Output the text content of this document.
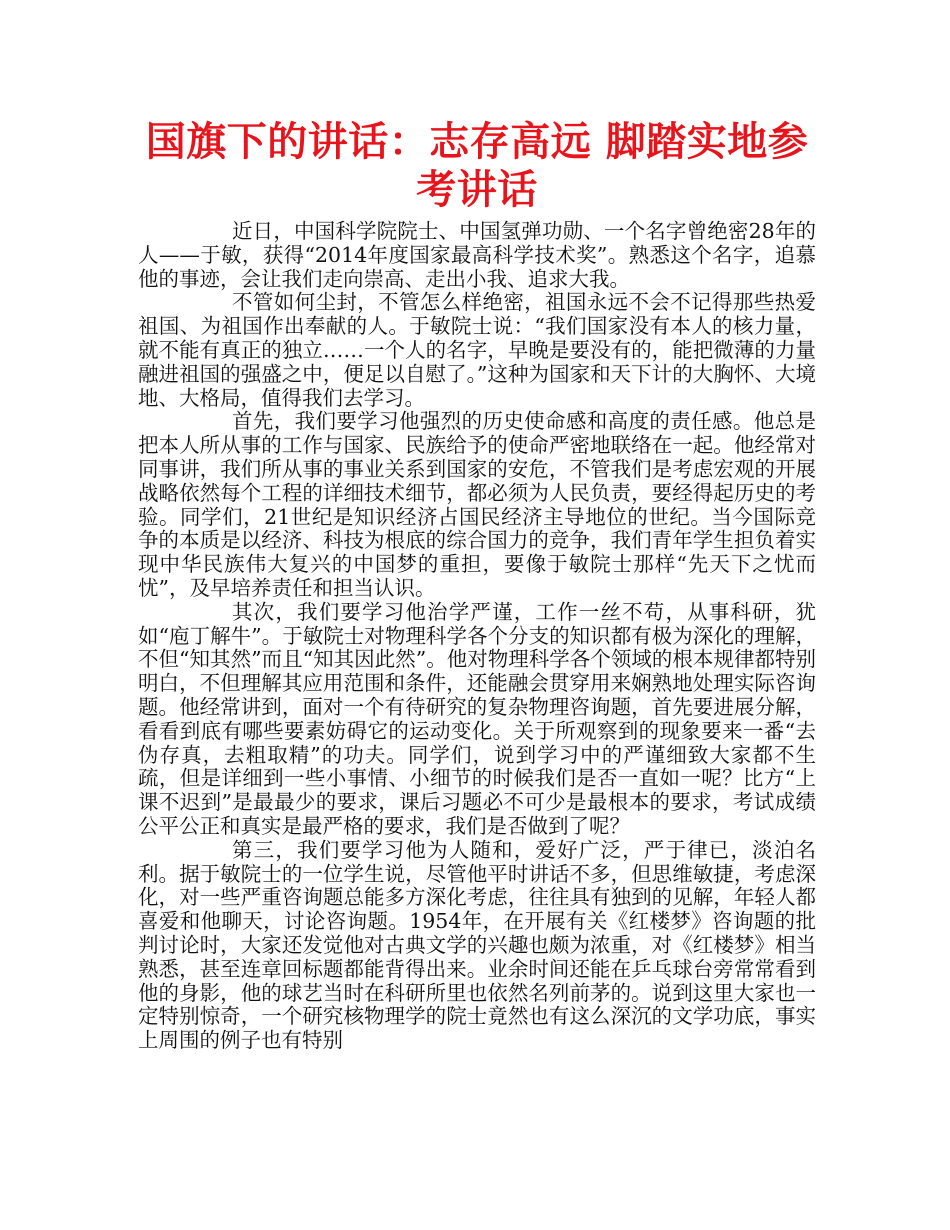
国旗下的讲话：志存高远 脚踏实地参考讲话

近日，中国科学院院士、中国氢弹功勋、一个名字曾绝密28年的人——于敏，获得“2014年度国家最高科学技术奖”。熟悉这个名字，追慕他的事迹，会让我们走向崇高、走出小我、追求大我。

不管如何尘封，不管怎么样绝密，祖国永远不会不记得那些热爱祖国、为祖国作出奉献的人。于敏院士说：“我们国家没有本人的核力量，就不能有真正的独立……一个人的名字，早晚是要没有的，能把微薄的力量融进祖国的强盛之中，便足以自慰了。”这种为国家和天下计的大胸怀、大境地、大格局，值得我们去学习。

首先，我们要学习他强烈的历史使命感和高度的责任感。他总是把本人所从事的工作与国家、民族给予的使命严密地联络在一起。他经常对同事讲，我们所从事的事业关系到国家的安危，不管我们是考虑宏观的开展战略依然每个工程的详细技术细节，都必须为人民负责，要经得起历史的考验。同学们，21世纪是知识经济占国民经济主导地位的世纪。当今国际竞争的本质是以经济、科技为根底的综合国力的竞争，我们青年学生担负着实现中华民族伟大复兴的中国梦的重担，要像于敏院士那样“先天下之忧而忧”，及早培养责任和担当认识。

其次，我们要学习他治学严谨，工作一丝不苟，从事科研，犹如“庖丁解牛”。于敏院士对物理科学各个分支的知识都有极为深化的理解，不但“知其然”而且“知其因此然”。他对物理科学各个领域的根本规律都特别明白，不但理解其应用范围和条件，还能融会贯穿用来娴熟地处理实际咨询题。他经常讲到，面对一个有待研究的复杂物理咨询题，首先要进展分解，看看到底有哪些要素妨碍它的运动变化。关于所观察到的现象要来一番“去伪存真，去粗取精”的功夫。同学们，说到学习中的严谨细致大家都不生疏，但是详细到一些小事情、小细节的时候我们是否一直如一呢？比方“上课不迟到”是最最少的要求，课后习题必不可少是最根本的要求，考试成绩公平公正和真实是最严格的要求，我们是否做到了呢？

第三，我们要学习他为人随和，爱好广泛，严于律已，淡泊名利。据于敏院士的一位学生说，尽管他平时讲话不多，但思维敏捷，考虑深化，对一些严重咨询题总能多方深化考虑，往往具有独到的见解，年轻人都喜爱和他聊天，讨论咨询题。1954年，在开展有关《红楼梦》咨询题的批判讨论时，大家还发觉他对古典文学的兴趣也颇为浓重，对《红楼梦》相当熟悉，甚至连章回标题都能背得出来。业余时间还能在乒乓球台旁常常看到他的身影，他的球艺当时在科研所里也依然名列前茅的。说到这里大家也一定特别惊奇，一个研究核物理学的院士竟然也有这么深沉的文学功底，事实上周围的例子也有特别
